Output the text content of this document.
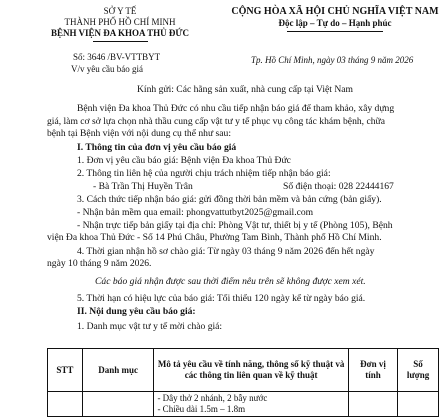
SỞ Y TẾ
THÀNH PHỐ HỒ CHÍ MINH
BỆNH VIỆN ĐA KHOA THỦ ĐỨC
CỘNG HÒA XÃ HỘI CHỦ NGHĨA VIỆT NAM
Độc lập – Tự do – Hạnh phúc
Số: 3646 /BV-VTTBYT
V/v yêu cầu báo giá
Tp. Hồ Chí Minh, ngày 03 tháng 9 năm 2026
Kính gửi: Các hãng sản xuất, nhà cung cấp tại Việt Nam
Bệnh viện Đa khoa Thủ Đức có nhu cầu tiếp nhận báo giá để tham khảo, xây dựng
giá, làm cơ sở lựa chọn nhà thầu cung cấp vật tư y tế phục vụ công tác khám bệnh, chữa
bệnh tại Bệnh viện với nội dung cụ thể như sau:
I. Thông tin của đơn vị yêu cầu báo giá
1. Đơn vị yêu cầu báo giá: Bệnh viện Đa khoa Thủ Đức
2. Thông tin liên hệ của người chịu trách nhiệm tiếp nhận báo giá:
- Bà Trần Thị Huyền Trân	Số điện thoại: 028 22444167
3. Cách thức tiếp nhận báo giá: gửi đồng thời bản mềm và bản cứng (bản giấy).
- Nhận bản mềm qua email: phongvattutbyt2025@gmail.com
- Nhận trực tiếp bản giấy tại địa chỉ: Phòng Vật tư, thiết bị y tế (Phòng 105), Bệnh
viện Đa khoa Thủ Đức - Số 14 Phú Châu, Phường Tam Bình, Thành phố Hồ Chí Minh.
4. Thời gian nhận hồ sơ chào giá: Từ ngày 03 tháng 9 năm 2026 đến hết ngày
ngày 10 tháng 9 năm 2026.
Các báo giá nhận được sau thời điểm nêu trên sẽ không được xem xét.
5. Thời hạn có hiệu lực của báo giá: Tối thiểu 120 ngày kể từ ngày báo giá.
II. Nội dung yêu cầu báo giá:
1. Danh mục vật tư y tế mời chào giá:
STT	Danh mục	Mô tả yêu cầu về tính năng, thông số kỹ thuật và các thông tin liên quan về kỹ thuật	Đơn vị tính	Số lượng

		- Dây thở 2 nhánh, 2 bẫy nước
- Chiều dài 1.5m – 1.8m		
